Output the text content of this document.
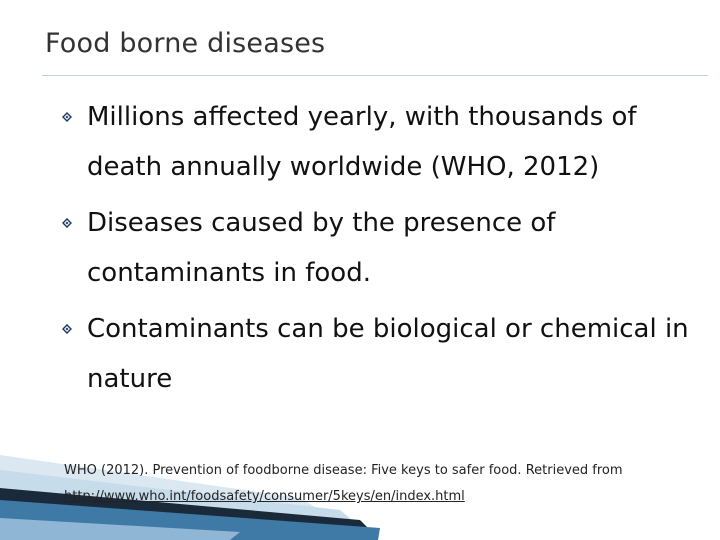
Food borne diseases
Millions affected yearly, with thousands of death annually worldwide (WHO, 2012)
Diseases caused by the presence of contaminants in food.
Contaminants can be biological or chemical in nature
WHO (2012). Prevention of foodborne disease: Five keys to safer food. Retrieved from
http://www.who.int/foodsafety/consumer/5keys/en/index.html
